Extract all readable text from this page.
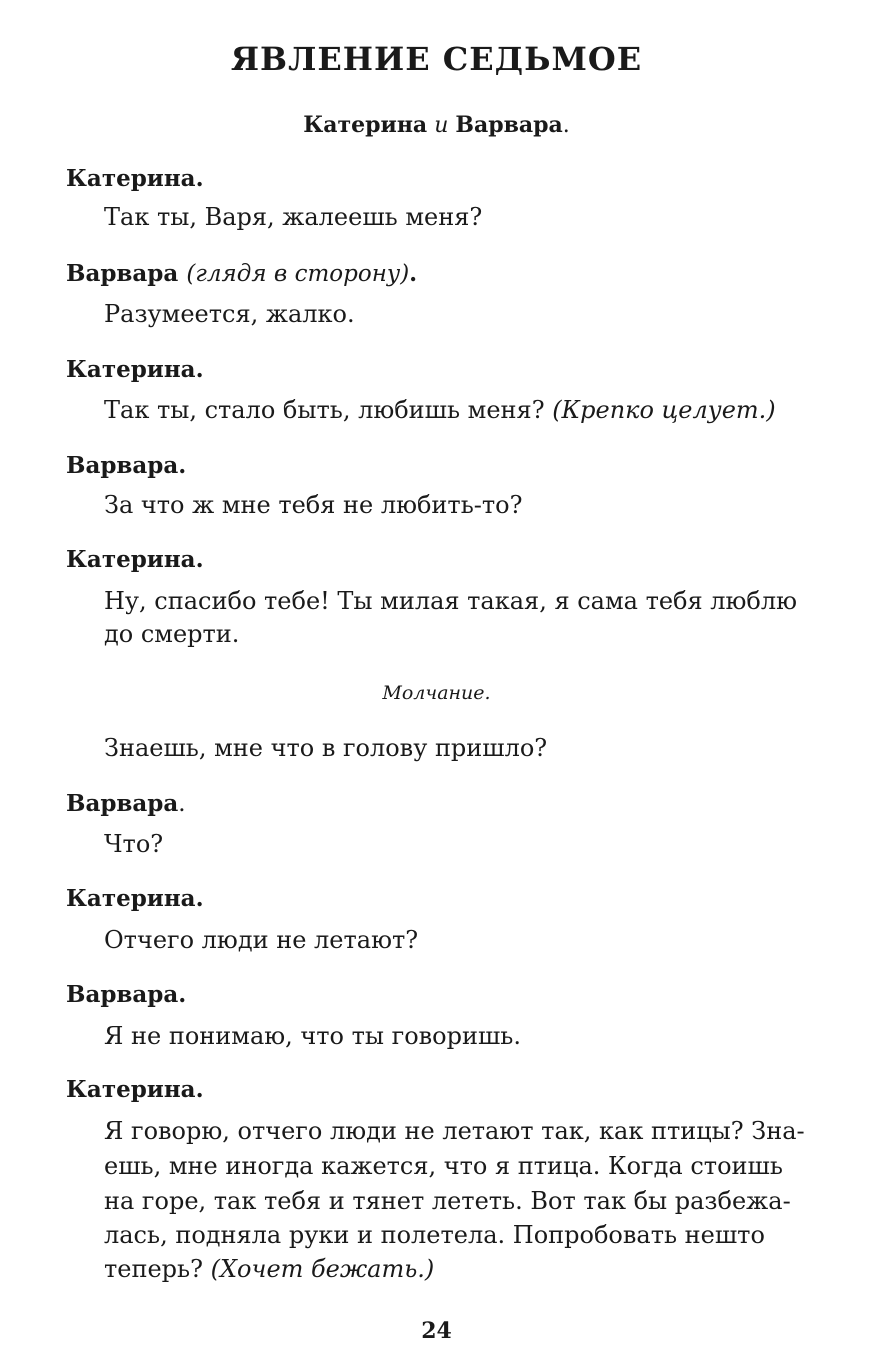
ЯВЛЕНИЕ СЕДЬМОЕ
Катерина и Варвара.
Катерина.
Так ты, Варя, жалеешь меня?
Варвара (глядя в сторону).
Разумеется, жалко.
Катерина.
Так ты, стало быть, любишь меня? (Крепко целует.)
Варвара.
За что ж мне тебя не любить-то?
Катерина.
Ну, спасибо тебе! Ты милая такая, я сама тебя люблю
до смерти.
Молчание.
Знаешь, мне что в голову пришло?
Варвара.
Что?
Катерина.
Отчего люди не летают?
Варвара.
Я не понимаю, что ты говоришь.
Катерина.
Я говорю, отчего люди не летают так, как птицы? Зна-
ешь, мне иногда кажется, что я птица. Когда стоишь
на горе, так тебя и тянет лететь. Вот так бы разбежа-
лась, подняла руки и полетела. Попробовать нешто
теперь? (Хочет бежать.)
24
